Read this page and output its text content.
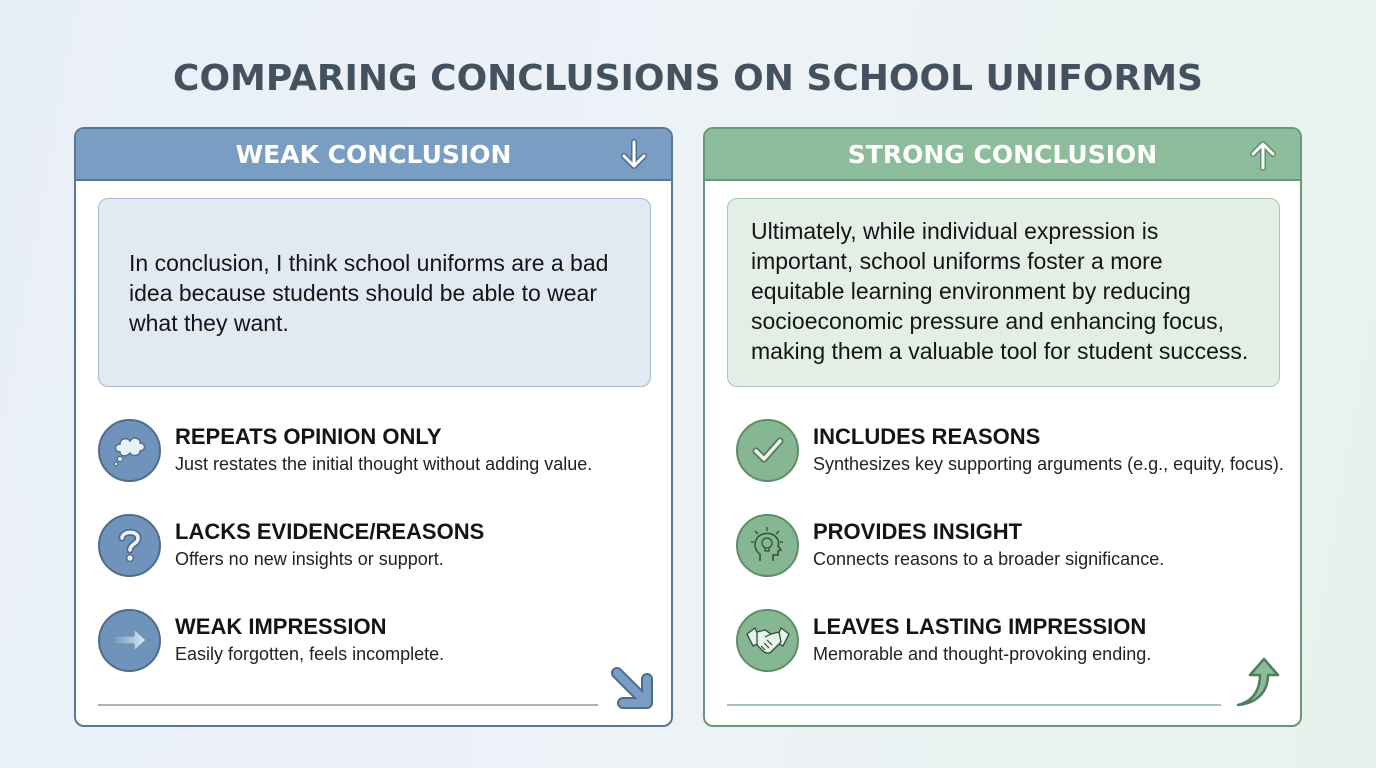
COMPARING CONCLUSIONS ON SCHOOL UNIFORMS
WEAK CONCLUSION
In conclusion, I think school uniforms are a bad idea because students should be able to wear what they want.
REPEATS OPINION ONLY
Just restates the initial thought without adding value.
LACKS EVIDENCE/REASONS
Offers no new insights or support.
WEAK IMPRESSION
Easily forgotten, feels incomplete.
STRONG CONCLUSION
Ultimately, while individual expression is important, school uniforms foster a more equitable learning environment by reducing socioeconomic pressure and enhancing focus, making them a valuable tool for student success.
INCLUDES REASONS
Synthesizes key supporting arguments (e.g., equity, focus).
PROVIDES INSIGHT
Connects reasons to a broader significance.
LEAVES LASTING IMPRESSION
Memorable and thought-provoking ending.
